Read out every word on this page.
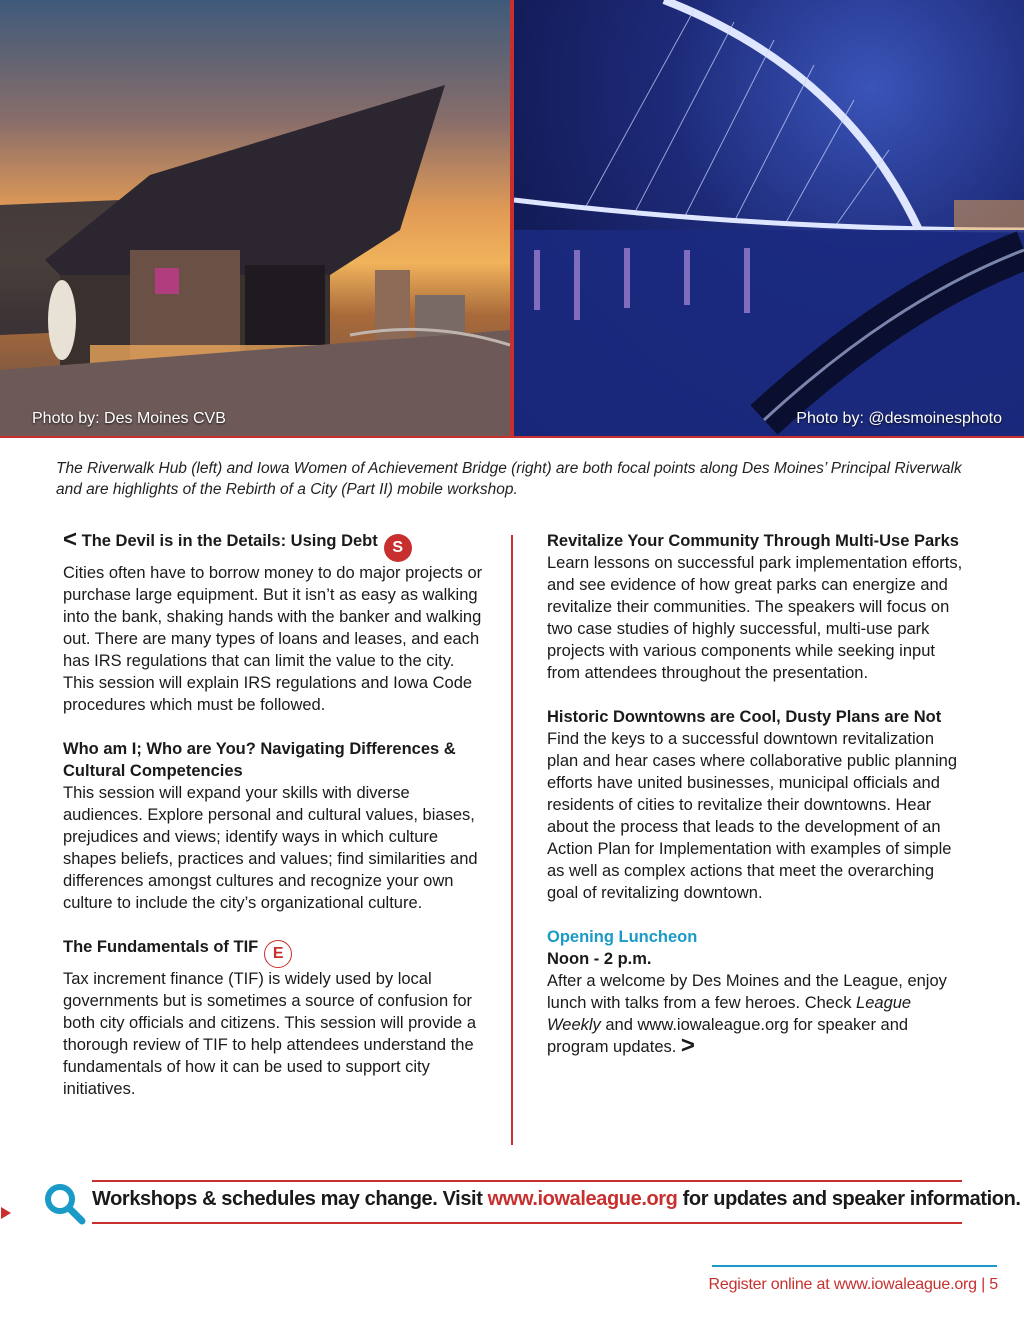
Photo by: Des Moines CVB	Photo by: @desmoinesphoto
The Riverwalk Hub (left) and Iowa Women of Achievement Bridge (right) are both focal points along Des Moines’ Principal Riverwalk and are highlights of the Rebirth of a City (Part II) mobile workshop.
< The Devil is in the Details: Using Debt S
Cities often have to borrow money to do major projects or purchase large equipment. But it isn’t as easy as walking into the bank, shaking hands with the banker and walking out. There are many types of loans and leases, and each has IRS regulations that can limit the value to the city. This session will explain IRS regulations and Iowa Code procedures which must be followed.
Who am I; Who are You? Navigating Differences & Cultural Competencies
This session will expand your skills with diverse audiences. Explore personal and cultural values, biases, prejudices and views; identify ways in which culture shapes beliefs, practices and values; find similarities and differences amongst cultures and recognize your own culture to include the city’s organizational culture.
The Fundamentals of TIF E
Tax increment finance (TIF) is widely used by local governments but is sometimes a source of confusion for both city officials and citizens. This session will provide a thorough review of TIF to help attendees understand the fundamentals of how it can be used to support city initiatives.
Revitalize Your Community Through Multi-Use Parks
Learn lessons on successful park implementation efforts, and see evidence of how great parks can energize and revitalize their communities. The speakers will focus on two case studies of highly successful, multi-use park projects with various components while seeking input from attendees throughout the presentation.
Historic Downtowns are Cool, Dusty Plans are Not
Find the keys to a successful downtown revitalization plan and hear cases where collaborative public planning efforts have united businesses, municipal officials and residents of cities to revitalize their downtowns. Hear about the process that leads to the development of an Action Plan for Implementation with examples of simple as well as complex actions that meet the overarching goal of revitalizing downtown.
Opening Luncheon
Noon - 2 p.m.
After a welcome by Des Moines and the League, enjoy lunch with talks from a few heroes. Check League Weekly and www.iowaleague.org for speaker and program updates. >
Workshops & schedules may change. Visit www.iowaleague.org for updates and speaker information.
Register online at www.iowaleague.org | 5
